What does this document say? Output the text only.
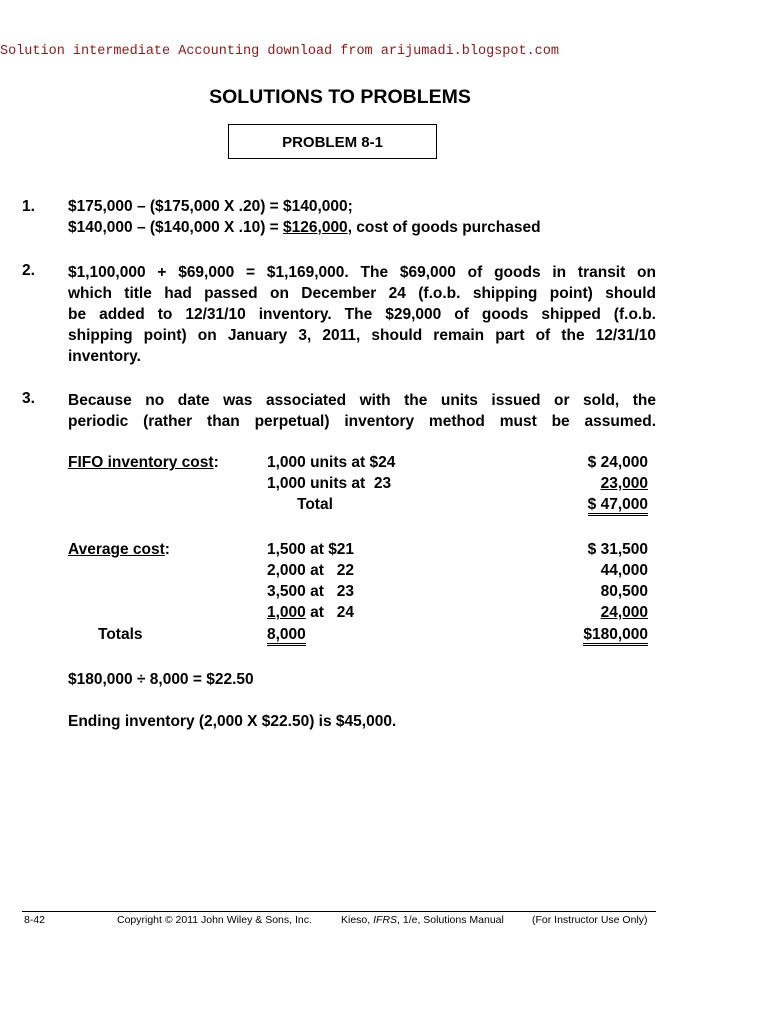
Solution intermediate Accounting download from arijumadi.blogspot.com
SOLUTIONS TO PROBLEMS
PROBLEM 8-1
1. $175,000 – ($175,000 X .20) = $140,000;
$140,000 – ($140,000 X .10) = $126,000, cost of goods purchased
2. $1,100,000 + $69,000 = $1,169,000. The $69,000 of goods in transit on
which title had passed on December 24 (f.o.b. shipping point) should
be added to 12/31/10 inventory. The $29,000 of goods shipped (f.o.b.
shipping point) on January 3, 2011, should remain part of the 12/31/10
inventory.
3. Because no date was associated with the units issued or sold, the
periodic (rather than perpetual) inventory method must be assumed.
FIFO inventory cost:	1,000 units at $24	$ 24,000
1,000 units at  23	23,000
Total	$ 47,000
Average cost:	1,500 at $21	$ 31,500
2,000 at   22	44,000
3,500 at   23	80,500
1,000 at   24	24,000
Totals	8,000	$180,000
$180,000 ÷ 8,000 = $22.50
Ending inventory (2,000 X $22.50) is $45,000.
8-42	Copyright © 2011 John Wiley & Sons, Inc.	Kieso, IFRS, 1/e, Solutions Manual	(For Instructor Use Only)
